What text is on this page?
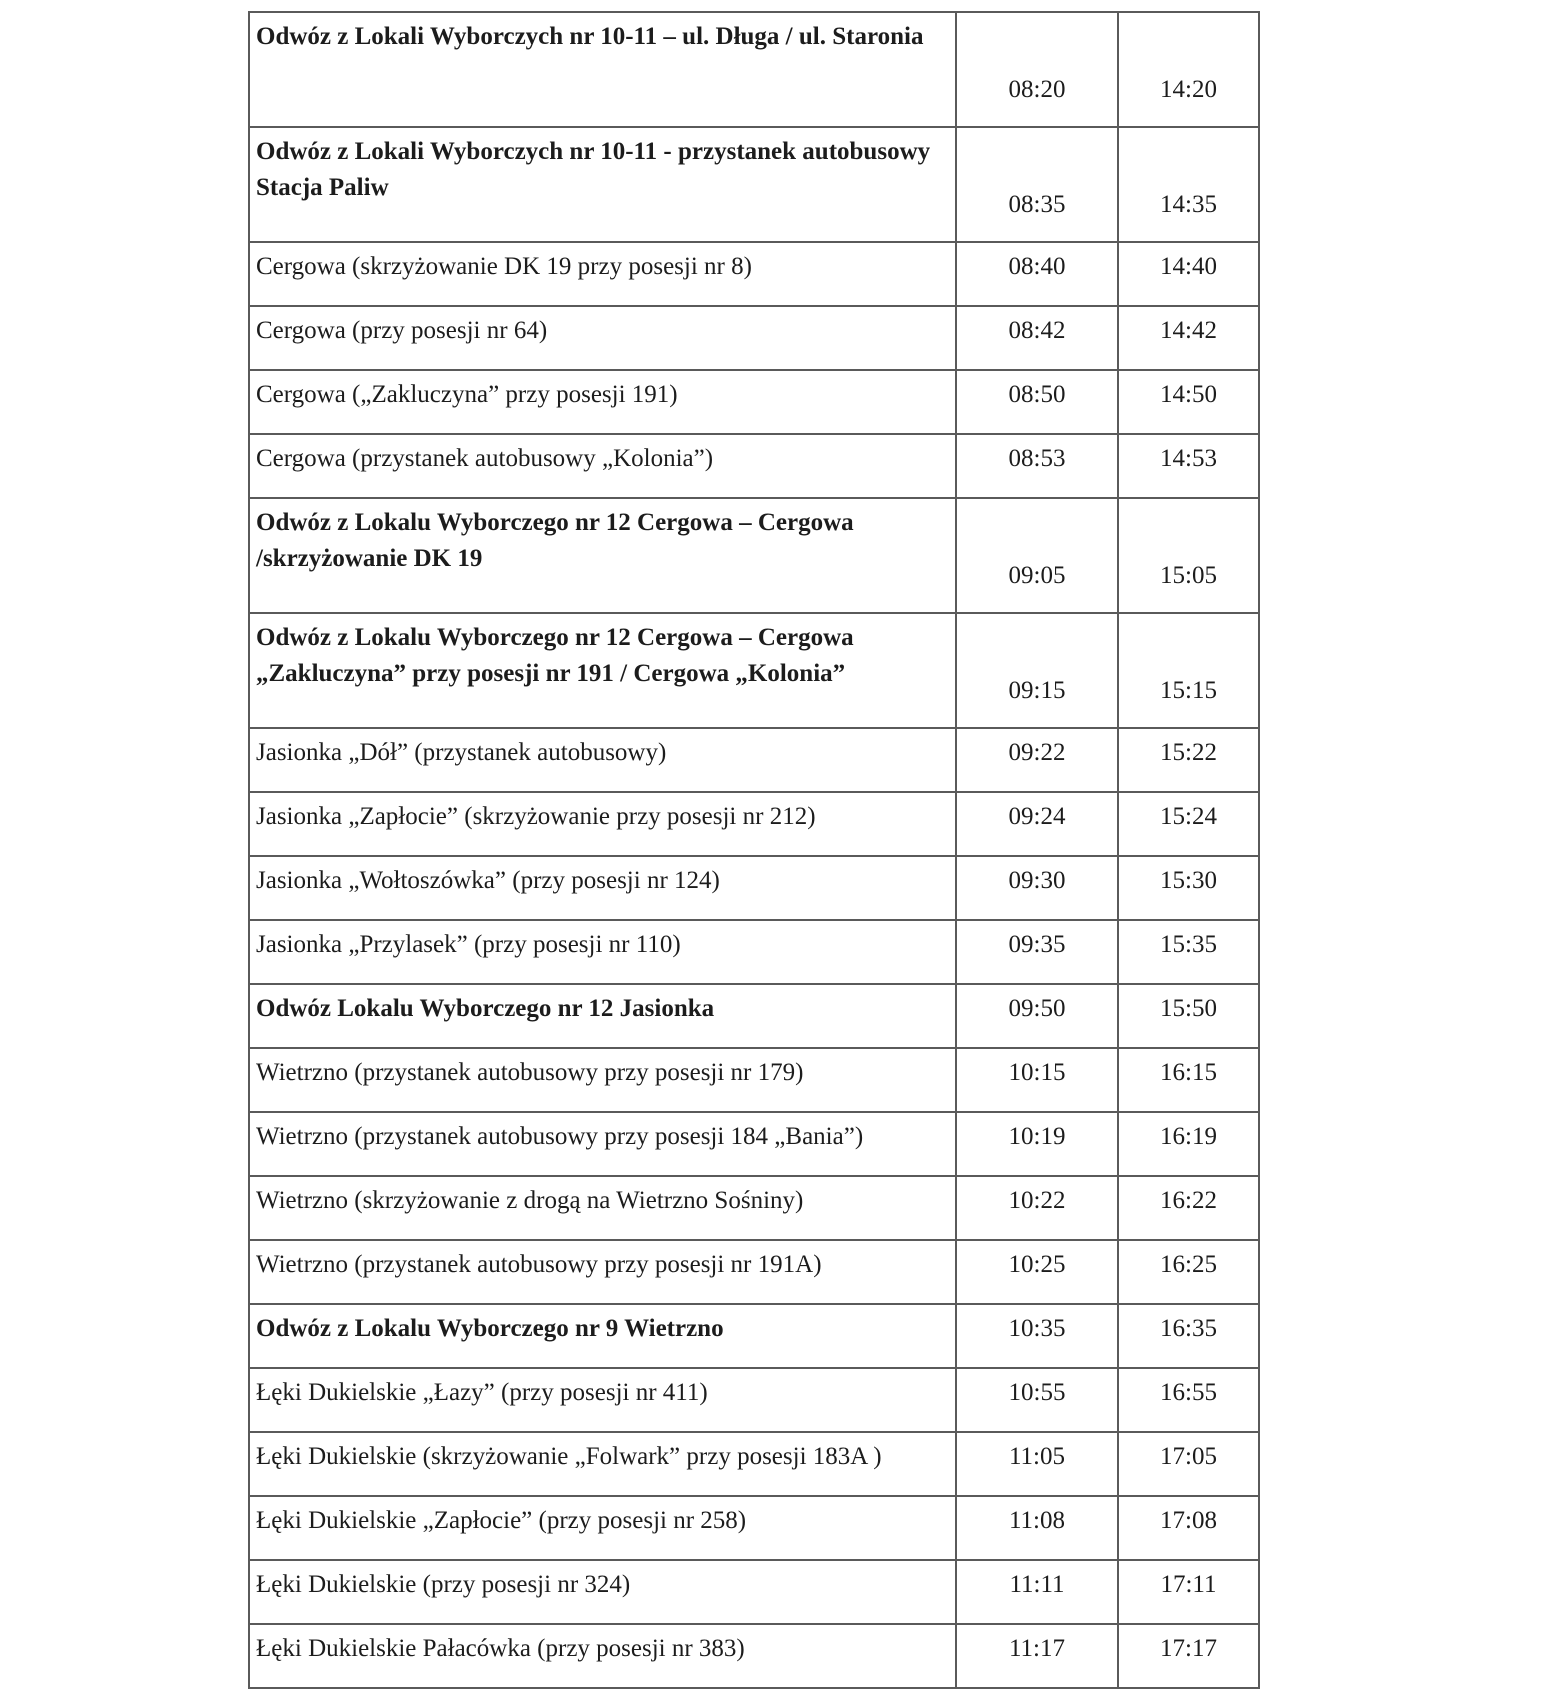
Odwóz z Lokali Wyborczych nr 10-11 – ul. Długa / ul. Staronia	08:20	14:20
Odwóz z Lokali Wyborczych nr 10-11 - przystanek autobusowy Stacja Paliw	08:35	14:35
Cergowa (skrzyżowanie DK 19 przy posesji nr 8)	08:40	14:40
Cergowa (przy posesji nr 64)	08:42	14:42
Cergowa („Zakluczyna” przy posesji 191)	08:50	14:50
Cergowa (przystanek autobusowy „Kolonia”)	08:53	14:53
Odwóz z Lokalu Wyborczego nr 12 Cergowa – Cergowa /skrzyżowanie DK 19	09:05	15:05
Odwóz z Lokalu Wyborczego nr 12 Cergowa – Cergowa „Zakluczyna” przy posesji nr 191 / Cergowa „Kolonia”	09:15	15:15
Jasionka „Dół” (przystanek autobusowy)	09:22	15:22
Jasionka „Zapłocie” (skrzyżowanie przy posesji nr 212)	09:24	15:24
Jasionka „Wołtoszówka” (przy posesji nr 124)	09:30	15:30
Jasionka „Przylasek” (przy posesji nr 110)	09:35	15:35
Odwóz Lokalu Wyborczego nr 12 Jasionka	09:50	15:50
Wietrzno (przystanek autobusowy przy posesji nr 179)	10:15	16:15
Wietrzno (przystanek autobusowy przy posesji 184 „Bania”)	10:19	16:19
Wietrzno (skrzyżowanie z drogą na Wietrzno Sośniny)	10:22	16:22
Wietrzno (przystanek autobusowy przy posesji nr 191A)	10:25	16:25
Odwóz z Lokalu Wyborczego nr 9 Wietrzno	10:35	16:35
Łęki Dukielskie „Łazy” (przy posesji nr 411)	10:55	16:55
Łęki Dukielskie (skrzyżowanie „Folwark” przy posesji 183A )	11:05	17:05
Łęki Dukielskie „Zapłocie” (przy posesji nr 258)	11:08	17:08
Łęki Dukielskie (przy posesji nr 324)	11:11	17:11
Łęki Dukielskie Pałacówka (przy posesji nr 383)	11:17	17:17
